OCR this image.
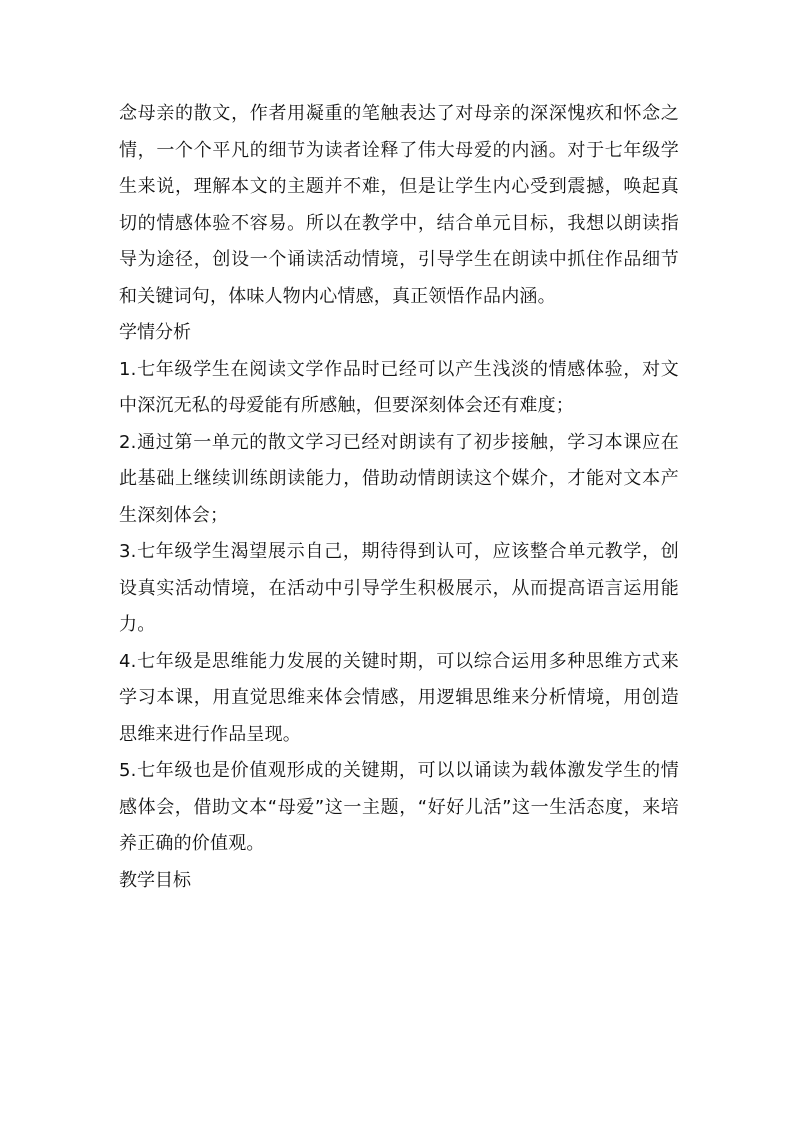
念母亲的散文，作者用凝重的笔触表达了对母亲的深深愧疚和怀念之情，一个个平凡的细节为读者诠释了伟大母爱的内涵。对于七年级学生来说，理解本文的主题并不难，但是让学生内心受到震撼，唤起真切的情感体验不容易。所以在教学中，结合单元目标，我想以朗读指导为途径，创设一个诵读活动情境，引导学生在朗读中抓住作品细节和关键词句，体味人物内心情感，真正领悟作品内涵。

学情分析

1.七年级学生在阅读文学作品时已经可以产生浅淡的情感体验，对文中深沉无私的母爱能有所感触，但要深刻体会还有难度；

2.通过第一单元的散文学习已经对朗读有了初步接触，学习本课应在此基础上继续训练朗读能力，借助动情朗读这个媒介，才能对文本产生深刻体会；

3.七年级学生渴望展示自己，期待得到认可，应该整合单元教学，创设真实活动情境，在活动中引导学生积极展示，从而提高语言运用能力。

4.七年级是思维能力发展的关键时期，可以综合运用多种思维方式来学习本课，用直觉思维来体会情感，用逻辑思维来分析情境，用创造思维来进行作品呈现。

5.七年级也是价值观形成的关键期，可以以诵读为载体激发学生的情感体会，借助文本“母爱”这一主题，“好好儿活”这一生活态度，来培养正确的价值观。

教学目标
